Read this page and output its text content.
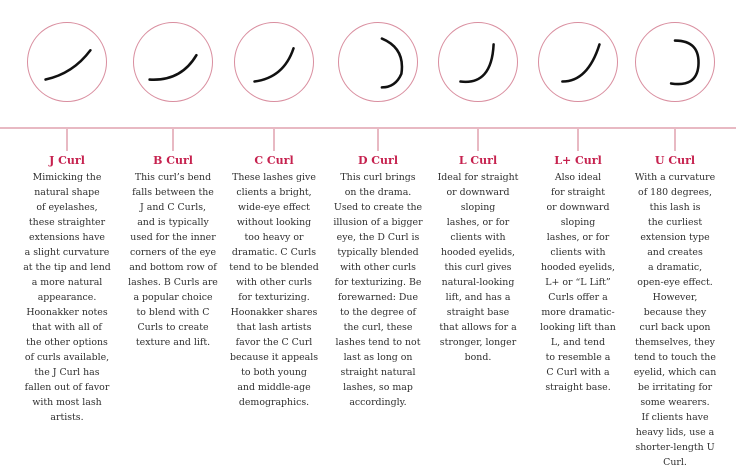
J Curl
Mimicking the
natural shape
of eyelashes,
these straighter
extensions have
a slight curvature
at the tip and lend
a more natural
appearance.
Hoonakker notes
that with all of
the other options
of curls available,
the J Curl has
fallen out of favor
with most lash
artists.
B Curl
This curl’s bend
falls between the
J and C Curls,
and is typically
used for the inner
corners of the eye
and bottom row of
lashes. B Curls are
a popular choice
to blend with C
Curls to create
texture and lift.
C Curl
These lashes give
clients a bright,
wide-eye effect
without looking
too heavy or
dramatic. C Curls
tend to be blended
with other curls
for texturizing.
Hoonakker shares
that lash artists
favor the C Curl
because it appeals
to both young
and middle-age
demographics.
D Curl
This curl brings
on the drama.
Used to create the
illusion of a bigger
eye, the D Curl is
typically blended
with other curls
for texturizing. Be
forewarned: Due
to the degree of
the curl, these
lashes tend to not
last as long on
straight natural
lashes, so map
accordingly.
L Curl
Ideal for straight
or downward
sloping
lashes, or for
clients with
hooded eyelids,
this curl gives
natural-looking
lift, and has a
straight base
that allows for a
stronger, longer
bond.
L+ Curl
Also ideal
for straight
or downward
sloping
lashes, or for
clients with
hooded eyelids,
L+ or “L Lift”
Curls offer a
more dramatic-
looking lift than
L, and tend
to resemble a
C Curl with a
straight base.
U Curl
With a curvature
of 180 degrees,
this lash is
the curliest
extension type
and creates
a dramatic,
open-eye effect.
However,
because they
curl back upon
themselves, they
tend to touch the
eyelid, which can
be irritating for
some wearers.
If clients have
heavy lids, use a
shorter-length U
Curl.
